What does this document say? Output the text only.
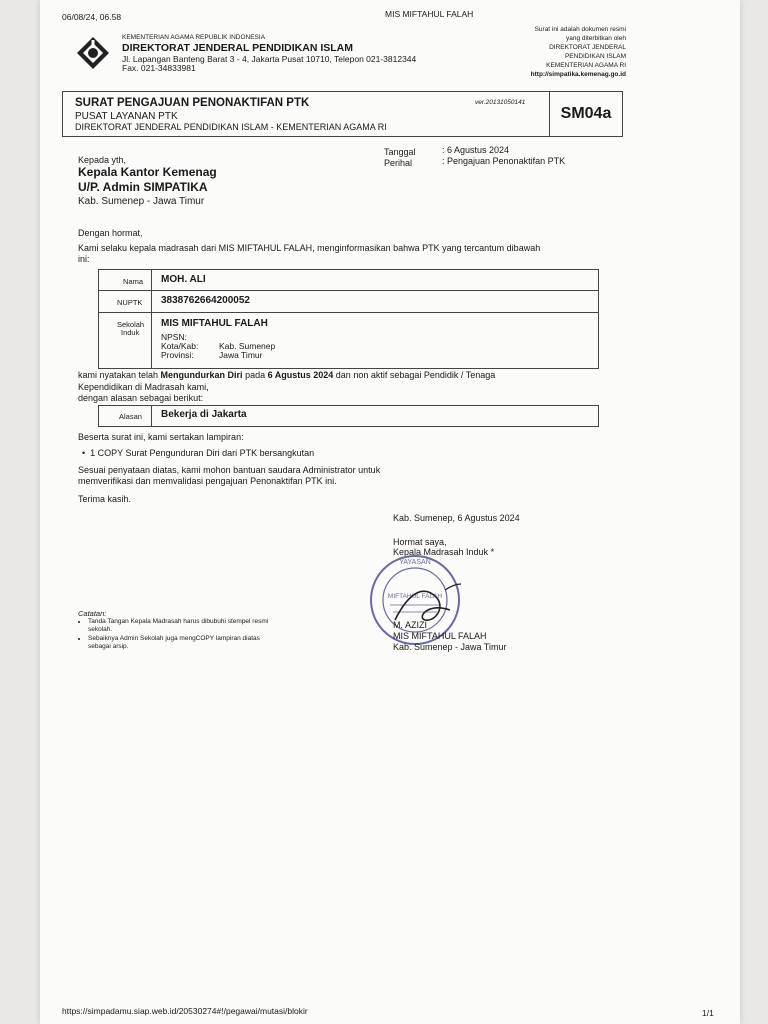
06/08/24, 06.58	MIS MIFTAHUL FALAH
KEMENTERIAN AGAMA REPUBLIK INDONESIA
DIREKTORAT JENDERAL PENDIDIKAN ISLAM
Jl. Lapangan Banteng Barat 3 - 4, Jakarta Pusat 10710, Telepon 021-3812344
Fax. 021-34833981
Surat ini adalah dokumen resmi
yang diterbitkan oleh
DIREKTORAT JENDERAL
PENDIDIKAN ISLAM
KEMENTERIAN AGAMA RI
http://simpatika.kemenag.go.id
SURAT PENGAJUAN PENONAKTIFAN PTK
PUSAT LAYANAN PTK
DIREKTORAT JENDERAL PENDIDIKAN ISLAM - KEMENTERIAN AGAMA RI
ver.20131050141
SM04a
Tanggal	: 6 Agustus 2024
Perihal	: Pengajuan Penonaktifan PTK
Kepada yth,
Kepala Kantor Kemenag
U/P. Admin SIMPATIKA
Kab. Sumenep - Jawa Timur
Dengan hormat,
Kami selaku kepala madrasah dari MIS MIFTAHUL FALAH, menginformasikan bahwa PTK yang tercantum dibawah
ini:
Nama MOH. ALI
NUPTK 3838762664200052
Sekolah
Induk
MIS MIFTAHUL FALAH
NPSN:
Kota/Kab: Kab. Sumenep
Provinsi:	Jawa Timur
kami nyatakan telah Mengundurkan Diri pada 6 Agustus 2024 dan non aktif sebagai Pendidik / Tenaga
Kependidikan di Madrasah kami,
dengan alasan sebagai berikut:
Alasan Bekerja di Jakarta
Beserta surat ini, kami sertakan lampiran:
•  1 COPY Surat Pengunduran Diri dari PTK bersangkutan
Sesuai penyataan diatas, kami mohon bantuan saudara Administrator untuk
memverifikasi dan memvalidasi pengajuan Penonaktifan PTK ini.
Terima kasih.
Kab. Sumenep, 6 Agustus 2024
Hormat saya,
Kepala Madrasah Induk *
YAYASAN
MIFTAHUL FALAH
M. AZIZI
MIS MIFTAHUL FALAH
Kab. Sumenep - Jawa Timur
Catatan:
• Tanda Tangan Kepala Madrasah harus dibubuhi stempel resmi sekolah.
• Sebaiknya Admin Sekolah juga mengCOPY lampiran diatas sebagai arsip.
https://simpadamu.siap.web.id/20530274#!/pegawai/mutasi/blokir	1/1
